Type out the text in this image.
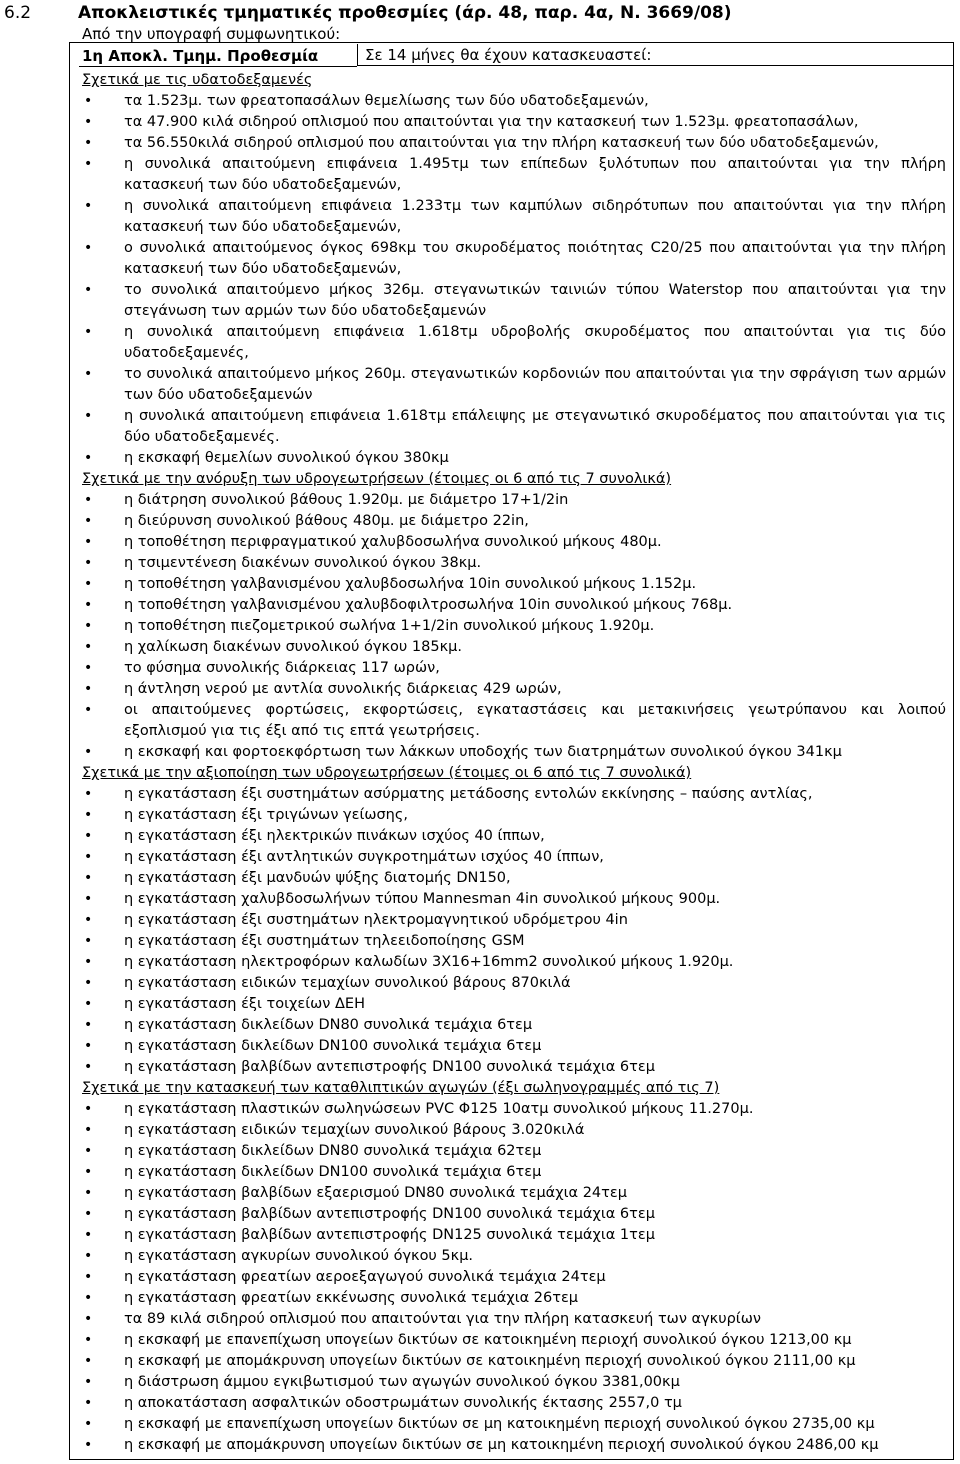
6.2	Αποκλειστικές τμηματικές προθεσμίες (άρ. 48, παρ. 4α, Ν. 3669/08)
Από την υπογραφή συμφωνητικού:
1η Αποκλ. Τμημ. Προθεσμία	Σε 14 μήνες θα έχουν κατασκευαστεί:
Σχετικά με τις υδατοδεξαμενές
• τα 1.523μ. των φρεατοπασάλων θεμελίωσης των δύο υδατοδεξαμενών,
• τα 47.900 κιλά σιδηρού οπλισμού που απαιτούνται για την κατασκευή των 1.523μ. φρεατοπασάλων,
• τα 56.550κιλά σιδηρού οπλισμού που απαιτούνται για την πλήρη κατασκευή των δύο υδατοδεξαμενών,
• η συνολικά απαιτούμενη επιφάνεια 1.495τμ των επίπεδων ξυλότυπων που απαιτούνται για την πλήρη κατασκευή των δύο υδατοδεξαμενών,
• η συνολικά απαιτούμενη επιφάνεια 1.233τμ των καμπύλων σιδηρότυπων που απαιτούνται για την πλήρη κατασκευή των δύο υδατοδεξαμενών,
• ο συνολικά απαιτούμενος όγκος 698κμ του σκυροδέματος ποιότητας C20/25 που απαιτούνται για την πλήρη κατασκευή των δύο υδατοδεξαμενών,
• το συνολικά απαιτούμενο μήκος 326μ. στεγανωτικών ταινιών τύπου Waterstop που απαιτούνται για την στεγάνωση των αρμών των δύο υδατοδεξαμενών
• η συνολικά απαιτούμενη επιφάνεια 1.618τμ υδροβολής σκυροδέματος που απαιτούνται για τις δύο υδατοδεξαμενές,
• το συνολικά απαιτούμενο μήκος 260μ. στεγανωτικών κορδονιών που απαιτούνται για την σφράγιση των αρμών των δύο υδατοδεξαμενών
• η συνολικά απαιτούμενη επιφάνεια 1.618τμ επάλειψης με στεγανωτικό σκυροδέματος που απαιτούνται για τις δύο υδατοδεξαμενές.
• η εκσκαφή θεμελίων συνολικού όγκου 380κμ
Σχετικά με την ανόρυξη των υδρογεωτρήσεων (έτοιμες οι 6 από τις 7 συνολικά)
• η διάτρηση συνολικού βάθους 1.920μ. με διάμετρο 17+1/2in
• η διεύρυνση συνολικού βάθους 480μ. με διάμετρο 22in,
• η τοποθέτηση περιφραγματικού χαλυβδοσωλήνα συνολικού μήκους 480μ.
• η τσιμεντένεση διακένων συνολικού όγκου 38κμ.
• η τοποθέτηση γαλβανισμένου χαλυβδοσωλήνα 10in συνολικού μήκους 1.152μ.
• η τοποθέτηση γαλβανισμένου χαλυβδοφιλτροσωλήνα 10in συνολικού μήκους 768μ.
• η τοποθέτηση πιεζομετρικού σωλήνα 1+1/2in συνολικού μήκους 1.920μ.
• η χαλίκωση διακένων συνολικού όγκου 185κμ.
• το φύσημα συνολικής διάρκειας 117 ωρών,
• η άντληση νερού με αντλία συνολικής διάρκειας 429 ωρών,
• οι απαιτούμενες φορτώσεις, εκφορτώσεις, εγκαταστάσεις και μετακινήσεις γεωτρύπανου και λοιπού εξοπλισμού για τις έξι από τις επτά γεωτρήσεις.
• η εκσκαφή και φορτοεκφόρτωση των λάκκων υποδοχής των διατρημάτων συνολικού όγκου 341κμ
Σχετικά με την αξιοποίηση των υδρογεωτρήσεων (έτοιμες οι 6 από τις 7 συνολικά)
• η εγκατάσταση έξι συστημάτων ασύρματης μετάδοσης εντολών εκκίνησης – παύσης αντλίας,
• η εγκατάσταση έξι τριγώνων γείωσης,
• η εγκατάσταση έξι ηλεκτρικών πινάκων ισχύος 40 ίππων,
• η εγκατάσταση έξι αντλητικών συγκροτημάτων ισχύος 40 ίππων,
• η εγκατάσταση έξι μανδυών ψύξης διατομής DN150,
• η εγκατάσταση χαλυβδοσωλήνων τύπου Mannesman 4in συνολικού μήκους 900μ.
• η εγκατάσταση έξι συστημάτων ηλεκτρομαγνητικού υδρόμετρου 4in
• η εγκατάσταση έξι συστημάτων τηλεειδοποίησης GSM
• η εγκατάσταση ηλεκτροφόρων καλωδίων 3Χ16+16mm2 συνολικού μήκους 1.920μ.
• η εγκατάσταση ειδικών τεμαχίων συνολικού βάρους 870κιλά
• η εγκατάσταση έξι τοιχείων ΔΕΗ
• η εγκατάσταση δικλείδων DN80 συνολικά τεμάχια 6τεμ
• η εγκατάσταση δικλείδων DN100 συνολικά τεμάχια 6τεμ
• η εγκατάσταση βαλβίδων αντεπιστροφής DN100 συνολικά τεμάχια 6τεμ
Σχετικά με την κατασκευή των καταθλιπτικών αγωγών (έξι σωληνογραμμές από τις 7)
• η εγκατάσταση πλαστικών σωληνώσεων PVC Φ125 10ατμ συνολικού μήκους 11.270μ.
• η εγκατάσταση ειδικών τεμαχίων συνολικού βάρους 3.020κιλά
• η εγκατάσταση δικλείδων DN80 συνολικά τεμάχια 62τεμ
• η εγκατάσταση δικλείδων DN100 συνολικά τεμάχια 6τεμ
• η εγκατάσταση βαλβίδων εξαερισμού DN80 συνολικά τεμάχια 24τεμ
• η εγκατάσταση βαλβίδων αντεπιστροφής DN100 συνολικά τεμάχια 6τεμ
• η εγκατάσταση βαλβίδων αντεπιστροφής DN125 συνολικά τεμάχια 1τεμ
• η εγκατάσταση αγκυρίων συνολικού όγκου 5κμ.
• η εγκατάσταση φρεατίων αεροεξαγωγού συνολικά τεμάχια 24τεμ
• η εγκατάσταση φρεατίων εκκένωσης συνολικά τεμάχια 26τεμ
• τα 89 κιλά σιδηρού οπλισμού που απαιτούνται για την πλήρη κατασκευή των αγκυρίων
• η εκσκαφή με επανεπίχωση υπογείων δικτύων σε κατοικημένη περιοχή συνολικού όγκου 1213,00 κμ
• η εκσκαφή με απομάκρυνση υπογείων δικτύων σε κατοικημένη περιοχή συνολικού όγκου 2111,00 κμ
• η διάστρωση άμμου εγκιβωτισμού των αγωγών συνολικού όγκου 3381,00κμ
• η αποκατάσταση ασφαλτικών οδοστρωμάτων συνολικής έκτασης 2557,0 τμ
• η εκσκαφή με επανεπίχωση υπογείων δικτύων σε μη κατοικημένη περιοχή συνολικού όγκου 2735,00 κμ
• η εκσκαφή με απομάκρυνση υπογείων δικτύων σε μη κατοικημένη περιοχή συνολικού όγκου 2486,00 κμ
